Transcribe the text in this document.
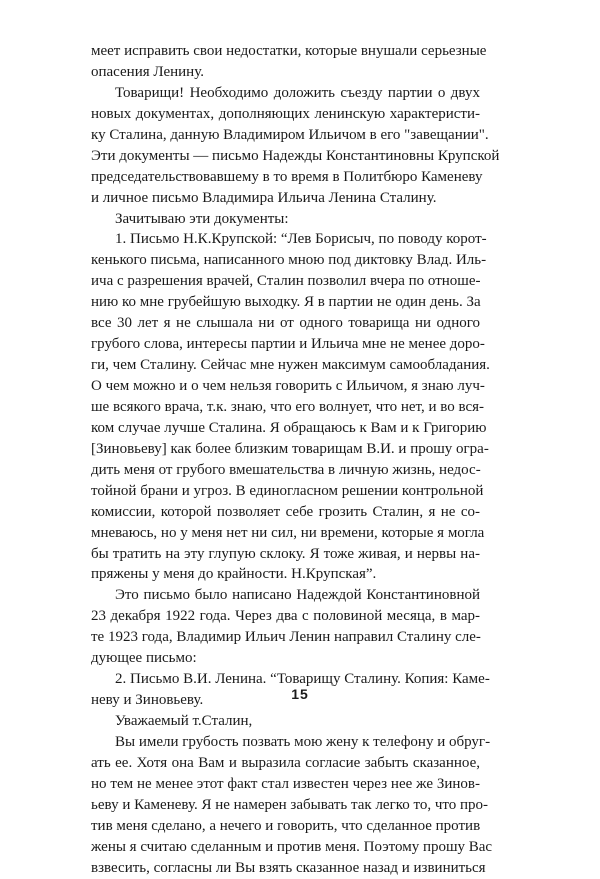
меет исправить свои недостатки, которые внушали серьезные
опасения Ленину.
Товарищи! Необходимо доложить съезду партии о двух
новых документах, дополняющих ленинскую характеристи-
ку Сталина, данную Владимиром Ильичом в его "завещании".
Эти документы — письмо Надежды Константиновны Крупской
председательствовавшему в то время в Политбюро Каменеву
и личное письмо Владимира Ильича Ленина Сталину.
Зачитываю эти документы:
1. Письмо Н.К.Крупской: “Лев Борисыч, по поводу корот-
кенького письма, написанного мною под диктовку Влад. Иль-
ича с разрешения врачей, Сталин позволил вчера по отноше-
нию ко мне грубейшую выходку. Я в партии не один день. За
все 30 лет я не слышала ни от одного товарища ни одного
грубого слова, интересы партии и Ильича мне не менее доро-
ги, чем Сталину. Сейчас мне нужен максимум самообладания.
О чем можно и о чем нельзя говорить с Ильичом, я знаю луч-
ше всякого врача, т.к. знаю, что его волнует, что нет, и во вся-
ком случае лучше Сталина. Я обращаюсь к Вам и к Григорию
[Зиновьеву] как более близким товарищам В.И. и прошу огра-
дить меня от грубого вмешательства в личную жизнь, недос-
тойной брани и угроз. В единогласном решении контрольной
комиссии, которой позволяет себе грозить Сталин, я не со-
мневаюсь, но у меня нет ни сил, ни времени, которые я могла
бы тратить на эту глупую склоку. Я тоже живая, и нервы на-
пряжены у меня до крайности. Н.Крупская”.
Это письмо было написано Надеждой Константиновной
23 декабря 1922 года. Через два с половиной месяца, в мар-
те 1923 года, Владимир Ильич Ленин направил Сталину сле-
дующее письмо:
2. Письмо В.И. Ленина. “Товарищу Сталину. Копия: Каме-
неву и Зиновьеву.
Уважаемый т.Сталин,
Вы имели грубость позвать мою жену к телефону и обруг-
ать ее. Хотя она Вам и выразила согласие забыть сказанное,
но тем не менее этот факт стал известен через нее же Зинов-
ьеву и Каменеву. Я не намерен забывать так легко то, что про-
тив меня сделано, а нечего и говорить, что сделанное против
жены я считаю сделанным и против меня. Поэтому прошу Вас
взвесить, согласны ли Вы взять сказанное назад и извиниться
15
